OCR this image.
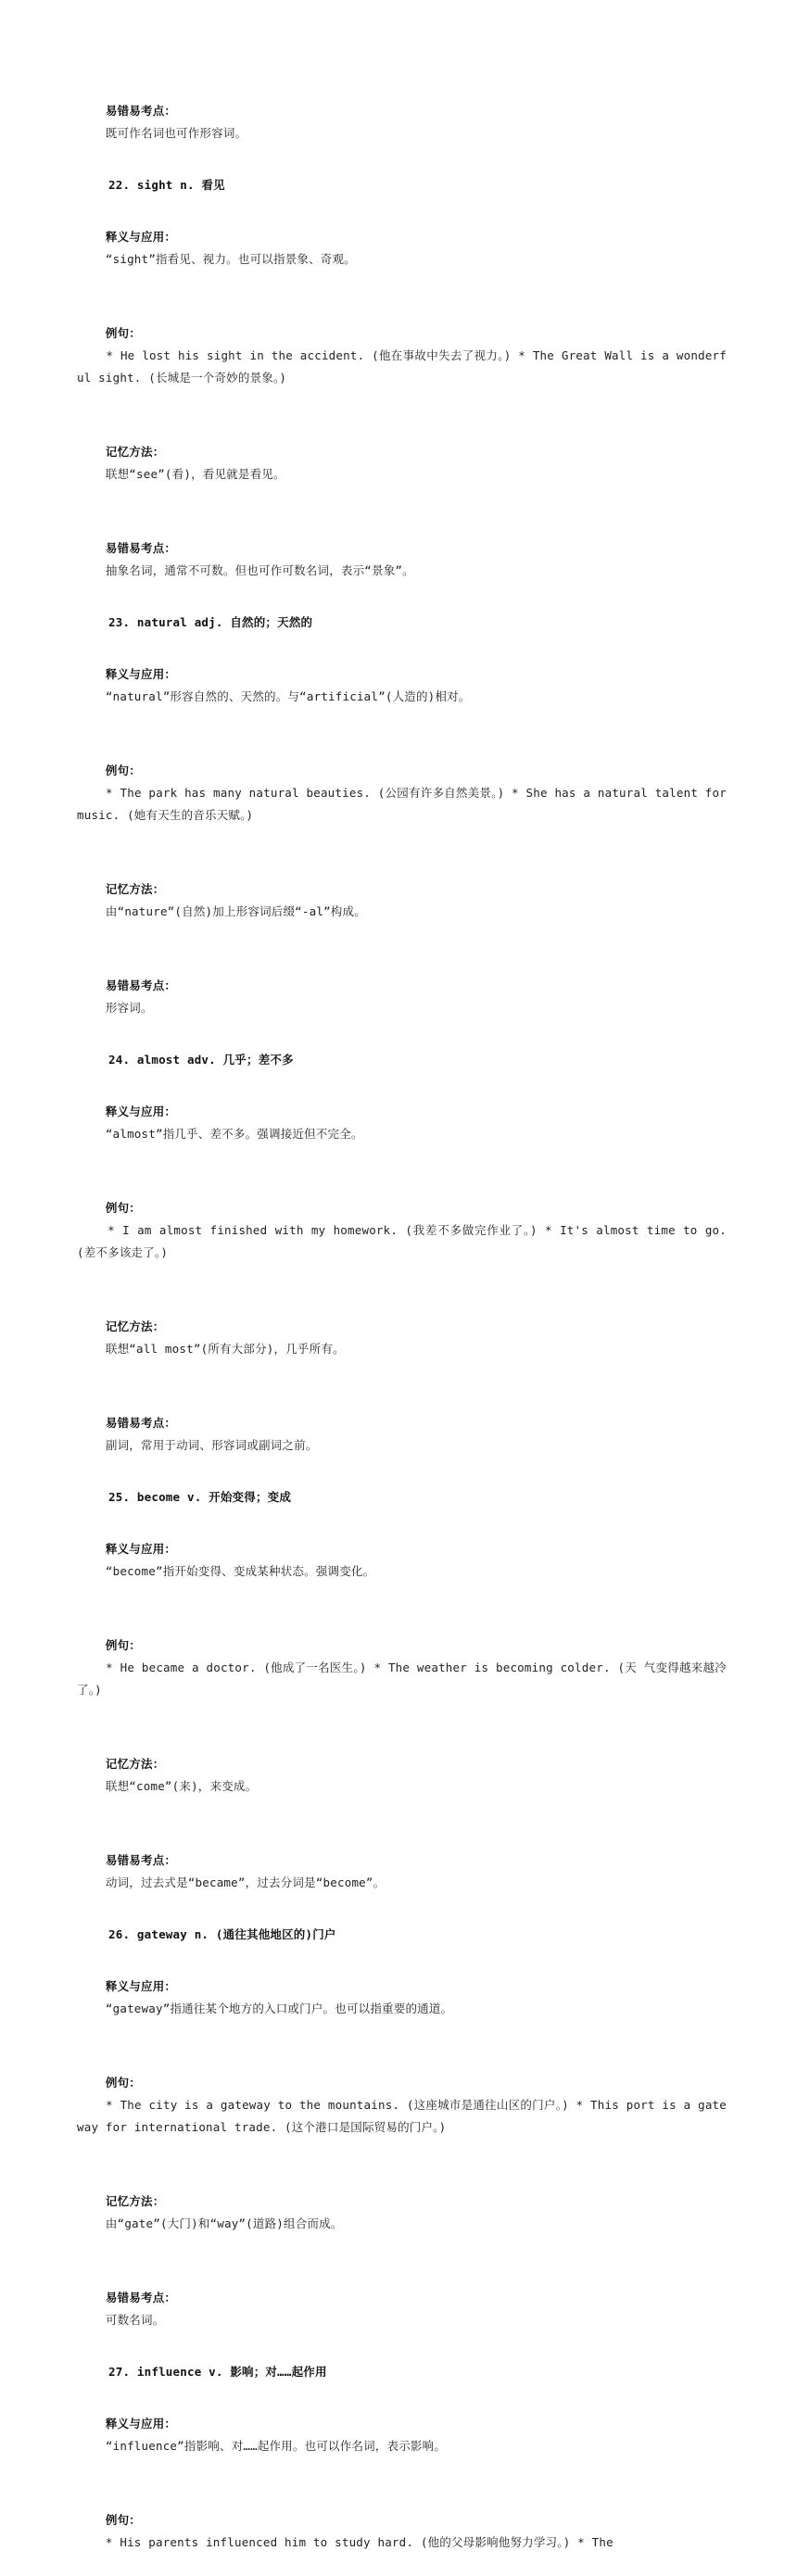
易错易考点：
既可作名词也可作形容词。

22. sight n. 看见

释义与应用：
“sight”指看见、视力。也可以指景象、奇观。

例句：
* He lost his sight in the accident. (他在事故中失去了视力。) * The Great Wall is a wonderful sight. (长城是一个奇妙的景象。)

记忆方法：
联想“see”(看)，看见就是看见。

易错易考点：
抽象名词，通常不可数。但也可作可数名词，表示“景象”。

23. natural adj. 自然的；天然的

释义与应用：
“natural”形容自然的、天然的。与“artificial”(人造的)相对。

例句：
* The park has many natural beauties. (公园有许多自然美景。) * She has a natural talent for music. (她有天生的音乐天赋。)

记忆方法：
由“nature”(自然)加上形容词后缀“-al”构成。

易错易考点：
形容词。

24. almost adv. 几乎；差不多

释义与应用：
“almost”指几乎、差不多。强调接近但不完全。

例句：
* I am almost finished with my homework. (我差不多做完作业了。) * It's almost time to go. (差不多该走了。)

记忆方法：
联想“all most”(所有大部分)，几乎所有。

易错易考点：
副词，常用于动词、形容词或副词之前。

25. become v. 开始变得；变成

释义与应用：
“become”指开始变得、变成某种状态。强调变化。

例句：
* He became a doctor. (他成了一名医生。) * The weather is becoming colder. (天 气变得越来越冷了。)

记忆方法：
联想“come”(来)，来变成。

易错易考点：
动词，过去式是“became”，过去分词是“become”。

26. gateway n. (通往其他地区的)门户

释义与应用：
“gateway”指通往某个地方的入口或门户。也可以指重要的通道。

例句：
* The city is a gateway to the mountains. (这座城市是通往山区的门户。) * This port is a gateway for international trade. (这个港口是国际贸易的门户。)

记忆方法：
由“gate”(大门)和“way”(道路)组合而成。

易错易考点：
可数名词。

27. influence v. 影响；对……起作用

释义与应用：
“influence”指影响、对……起作用。也可以作名词，表示影响。

例句：
* His parents influenced him to study hard. (他的父母影响他努力学习。) * The
